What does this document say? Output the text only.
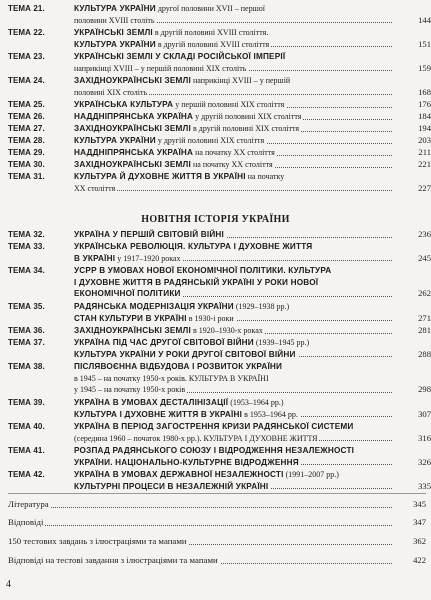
ТЕМА 21.	КУЛЬТУРА УКРАЇНИ другої половини XVII – першої
половини XVIII століть	144
ТЕМА 22.	УКРАЇНСЬКІ ЗЕМЛІ в другій половині XVIII століття.
КУЛЬТУРА УКРАЇНИ в другій половині XVIII століття	151
ТЕМА 23.	УКРАЇНСЬКІ ЗЕМЛІ У СКЛАДІ РОСІЙСЬКОЇ ІМПЕРІЇ
наприкінці XVIII – у першій половині XIX століть	159
ТЕМА 24.	ЗАХІДНОУКРАЇНСЬКІ ЗЕМЛІ наприкінці XVIII – у першій
половині XIX століть	168
ТЕМА 25.	УКРАЇНСЬКА КУЛЬТУРА у першій половині XIX століття	176
ТЕМА 26.	НАДДНІПРЯНСЬКА УКРАЇНА у другій половині XIX століття	184
ТЕМА 27.	ЗАХІДНОУКРАЇНСЬКІ ЗЕМЛІ в другій половині XIX століття	194
ТЕМА 28.	КУЛЬТУРА УКРАЇНИ у другій половині XIX століття	203
ТЕМА 29.	НАДДНІПРЯНСЬКА УКРАЇНА на початку XX століття	211
ТЕМА 30.	ЗАХІДНОУКРАЇНСЬКІ ЗЕМЛІ на початку XX століття	221
ТЕМА 31.	КУЛЬТУРА Й ДУХОВНЕ ЖИТТЯ В УКРАЇНІ на початку
XX століття	227
НОВІТНЯ ІСТОРІЯ УКРАЇНИ
ТЕМА 32.	УКРАЇНА У ПЕРШІЙ СВІТОВІЙ ВІЙНІ	236
ТЕМА 33.	УКРАЇНСЬКА РЕВОЛЮЦІЯ. КУЛЬТУРА І ДУХОВНЕ ЖИТТЯ
В УКРАЇНІ у 1917–1920 роках	245
ТЕМА 34.	УСРР В УМОВАХ НОВОЇ ЕКОНОМІЧНОЇ ПОЛІТИКИ. КУЛЬТУРА
І ДУХОВНЕ ЖИТТЯ В РАДЯНСЬКІЙ УКРАЇНІ У РОКИ НОВОЇ
ЕКОНОМІЧНОЇ ПОЛІТИКИ	262
ТЕМА 35.	РАДЯНСЬКА МОДЕРНІЗАЦІЯ УКРАЇНИ (1929–1938 рр.)
СТАН КУЛЬТУРИ В УКРАЇНІ в 1930-і роки	271
ТЕМА 36.	ЗАХІДНОУКРАЇНСЬКІ ЗЕМЛІ в 1920–1930-х роках	281
ТЕМА 37.	УКРАЇНА ПІД ЧАС ДРУГОЇ СВІТОВОЇ ВІЙНИ (1939–1945 рр.)
КУЛЬТУРА УКРАЇНИ У РОКИ ДРУГОЇ СВІТОВОЇ ВІЙНИ	288
ТЕМА 38.	ПІСЛЯВОЄННА ВІДБУДОВА І РОЗВИТОК УКРАЇНИ
в 1945 – на початку 1950-х років. КУЛЬТУРА В УКРАЇНІ
у 1945 – на початку 1950-х років	298
ТЕМА 39.	УКРАЇНА В УМОВАХ ДЕСТАЛІНІЗАЦІЇ (1953–1964 рр.)
КУЛЬТУРА І ДУХОВНЕ ЖИТТЯ В УКРАЇНІ в 1953–1964 рр.	307
ТЕМА 40.	УКРАЇНА В ПЕРІОД ЗАГОСТРЕННЯ КРИЗИ РАДЯНСЬКОЇ СИСТЕМИ
(середина 1960 – початок 1980-х рр.). КУЛЬТУРА І ДУХОВНЕ ЖИТТЯ	316
ТЕМА 41.	РОЗПАД РАДЯНСЬКОГО СОЮЗУ І ВІДРОДЖЕННЯ НЕЗАЛЕЖНОСТІ
УКРАЇНИ. НАЦІОНАЛЬНО-КУЛЬТУРНЕ ВІДРОДЖЕННЯ	326
ТЕМА 42.	УКРАЇНА В УМОВАХ ДЕРЖАВНОЇ НЕЗАЛЕЖНОСТІ (1991–2007 рр.)
КУЛЬТУРНІ ПРОЦЕСИ В НЕЗАЛЕЖНІЙ УКРАЇНІ	335
Література	345
Відповіді	347
150 тестових завдань з ілюстраціями та мапами	362
Відповіді на тестові завдання з ілюстраціями та мапами	422
4
